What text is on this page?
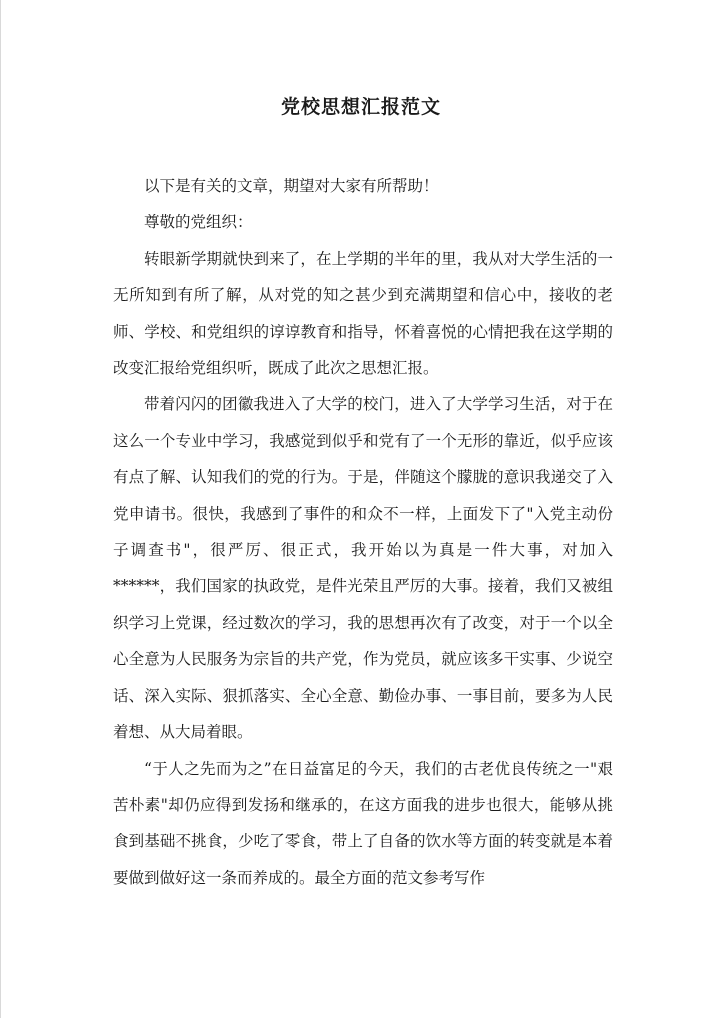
党校思想汇报范文

以下是有关的文章，期望对大家有所帮助！

尊敬的党组织：

转眼新学期就快到来了，在上学期的半年的里，我从对大学生活的一无所知到有所了解，从对党的知之甚少到充满期望和信心中，接收的老师、学校、和党组织的谆谆教育和指导，怀着喜悦的心情把我在这学期的改变汇报给党组织听，既成了此次之思想汇报。

带着闪闪的团徽我进入了大学的校门，进入了大学学习生活，对于在这么一个专业中学习，我感觉到似乎和党有了一个无形的靠近，似乎应该有点了解、认知我们的党的行为。于是，伴随这个朦胧的意识我递交了入党申请书。很快，我感到了事件的和众不一样，上面发下了"入党主动份子调查书"，很严厉、很正式，我开始以为真是一件大事，对加入******，我们国家的执政党，是件光荣且严厉的大事。接着，我们又被组织学习上党课，经过数次的学习，我的思想再次有了改变，对于一个以全心全意为人民服务为宗旨的共产党，作为党员，就应该多干实事、少说空话、深入实际、狠抓落实、全心全意、勤俭办事、一事目前，要多为人民着想、从大局着眼。

“于人之先而为之”在日益富足的今天，我们的古老优良传统之一"艰苦朴素"却仍应得到发扬和继承的，在这方面我的进步也很大，能够从挑食到基础不挑食，少吃了零食，带上了自备的饮水等方面的转变就是本着要做到做好这一条而养成的。最全方面的范文参考写作
